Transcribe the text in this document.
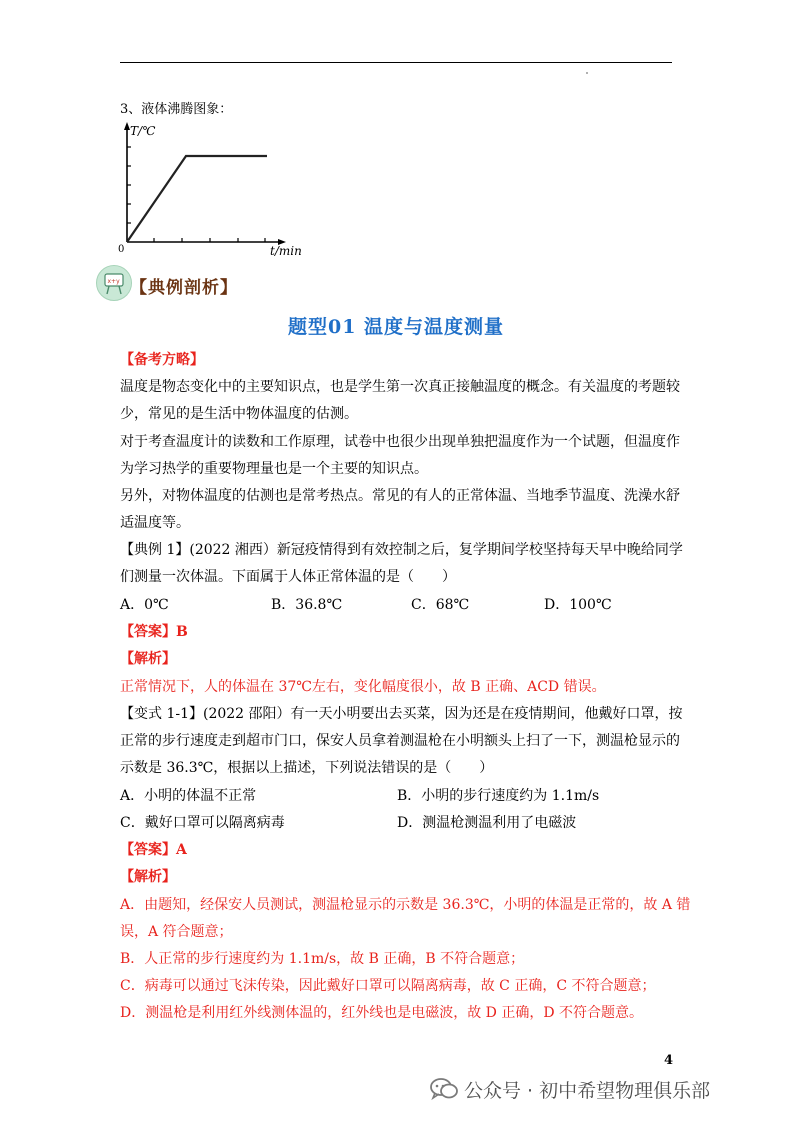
3、液体沸腾图象：
T/℃
0	t/min
x+y 【典例剖析】
题型01 温度与温度测量
【备考方略】
温度是物态变化中的主要知识点，也是学生第一次真正接触温度的概念。有关温度的考题较
少，常见的是生活中物体温度的估测。
对于考查温度计的读数和工作原理，试卷中也很少出现单独把温度作为一个试题，但温度作
为学习热学的重要物理量也是一个主要的知识点。
另外，对物体温度的估测也是常考热点。常见的有人的正常体温、当地季节温度、洗澡水舒
适温度等。
【典例 1】(2022 湘西）新冠疫情得到有效控制之后，复学期间学校坚持每天早中晚给同学
们测量一次体温。下面属于人体正常体温的是（　　）
A．0℃	B．36.8℃	C．68℃	D．100℃
【答案】B
【解析】
正常情况下，人的体温在 37℃左右，变化幅度很小，故 B 正确、ACD 错误。
【变式 1-1】(2022 邵阳）有一天小明要出去买菜，因为还是在疫情期间，他戴好口罩，按
正常的步行速度走到超市门口，保安人员拿着测温枪在小明额头上扫了一下，测温枪显示的
示数是 36.3℃，根据以上描述，下列说法错误的是（　　）
A．小明的体温不正常	B．小明的步行速度约为 1.1m/s
C．戴好口罩可以隔离病毒	D．测温枪测温利用了电磁波
【答案】A
【解析】
A．由题知，经保安人员测试，测温枪显示的示数是 36.3℃，小明的体温是正常的，故 A 错
误，A 符合题意；
B．人正常的步行速度约为 1.1m/s，故 B 正确，B 不符合题意；
C．病毒可以通过飞沫传染，因此戴好口罩可以隔离病毒，故 C 正确，C 不符合题意；
D．测温枪是利用红外线测体温的，红外线也是电磁波，故 D 正确，D 不符合题意。
4
公众号 · 初中希望物理俱乐部
